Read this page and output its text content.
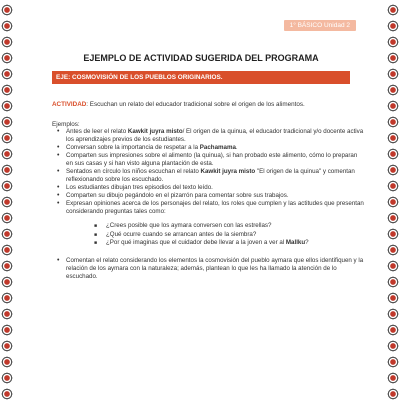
1° BÁSICO Unidad 2
EJEMPLO DE ACTIVIDAD SUGERIDA DEL PROGRAMA
EJE: COSMOVISIÓN DE LOS PUEBLOS ORIGINARIOS.
ACTIVIDAD: Escuchan un relato del educador tradicional sobre el origen de los alimentos.
Ejemplos:
• Antes de leer el relato Kawkit juyra misto/ El origen de la quinua, el educador tradicional y/o docente activa los aprendizajes previos de los estudiantes.
• Conversan sobre la importancia de respetar a la Pachamama.
• Comparten sus impresiones sobre el alimento (la quinua), si han probado este alimento, cómo lo preparan en sus casas y si han visto alguna plantación de esta.
• Sentados en círculo los niños escuchan el relato Kawkit juyra misto "El origen de la quinua" y comentan reflexionando sobre los escuchado.
• Los estudiantes dibujan tres episodios del texto leído.
• Comparten su dibujo pegándolo en el pizarrón para comentar sobre sus trabajos.
• Expresan opiniones acerca de los personajes del relato, los roles que cumplen y las actitudes que presentan considerando preguntas tales como:
■ ¿Crees posible que los aymara conversen con las estrellas?
■ ¿Qué ocurre cuando se arrancan antes de la siembra?
■ ¿Por qué imaginas que el cuidador debe llevar a la joven a ver al Mallku?
• Comentan el relato considerando los elementos la cosmovisión del pueblo aymara que ellos identifiquen y la relación de los aymara con la naturaleza; además, plantean lo que les ha llamado la atención de lo escuchado.
